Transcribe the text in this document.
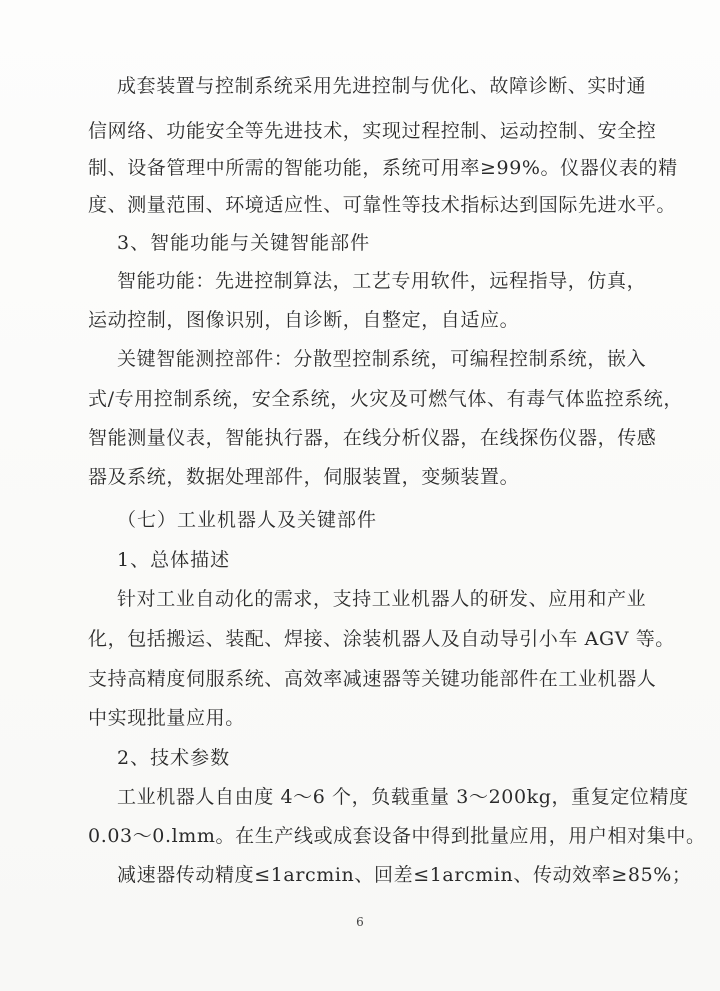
成套装置与控制系统采用先进控制与优化、故障诊断、实时通
信网络、功能安全等先进技术，实现过程控制、运动控制、安全控
制、设备管理中所需的智能功能，系统可用率≥99%。仪器仪表的精
度、测量范围、环境适应性、可靠性等技术指标达到国际先进水平。
3、智能功能与关键智能部件
智能功能：先进控制算法，工艺专用软件，远程指导，仿真，
运动控制，图像识别，自诊断，自整定，自适应。
关键智能测控部件：分散型控制系统，可编程控制系统，嵌入
式/专用控制系统，安全系统，火灾及可燃气体、有毒气体监控系统，
智能测量仪表，智能执行器，在线分析仪器，在线探伤仪器，传感
器及系统，数据处理部件，伺服装置，变频装置。
（七）工业机器人及关键部件
1、总体描述
针对工业自动化的需求，支持工业机器人的研发、应用和产业
化，包括搬运、装配、焊接、涂装机器人及自动导引小车 AGV 等。
支持高精度伺服系统、高效率减速器等关键功能部件在工业机器人
中实现批量应用。
2、技术参数
工业机器人自由度 4～6 个，负载重量 3～200kg，重复定位精度
0.03～0.lmm。在生产线或成套设备中得到批量应用，用户相对集中。
减速器传动精度≤1arcmin、回差≤1arcmin、传动效率≥85%；
6
